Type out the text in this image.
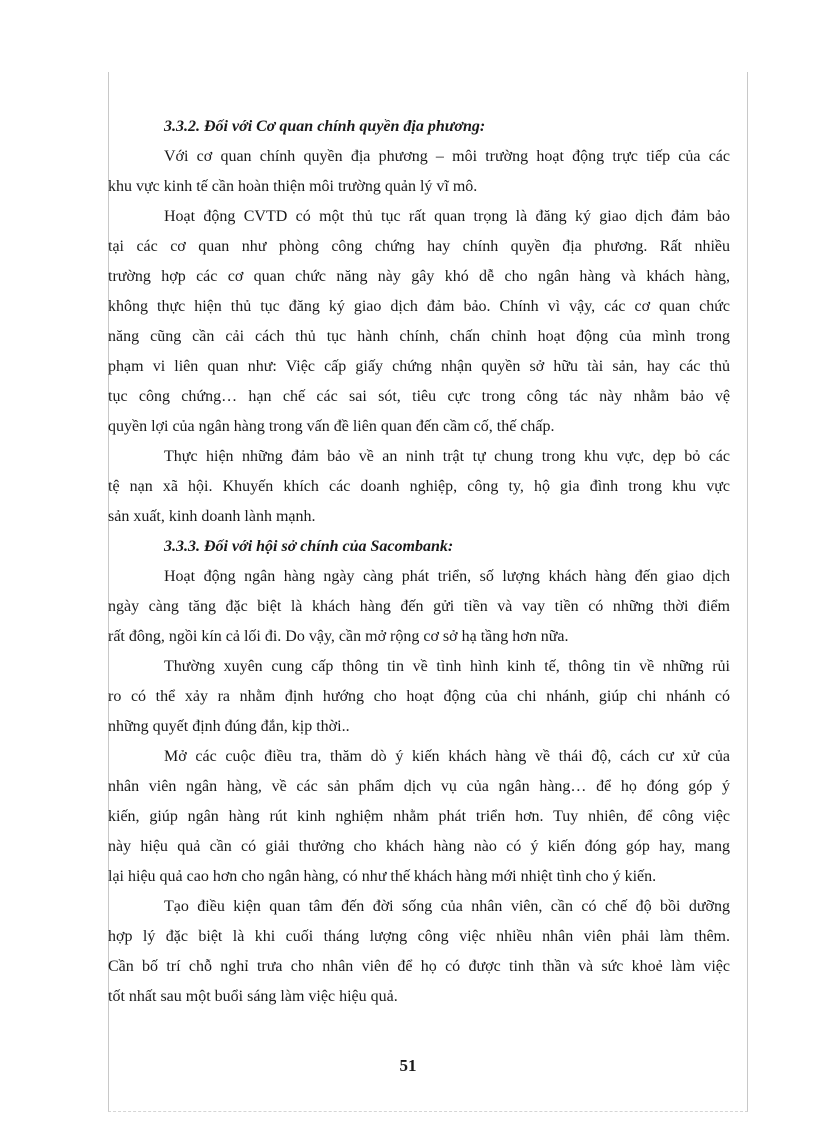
3.3.2. Đối với Cơ quan chính quyền địa phương:
Với cơ quan chính quyền địa phương – môi trường hoạt động trực tiếp của các
khu vực kinh tế cần hoàn thiện môi trường quản lý vĩ mô.
Hoạt động CVTD có một thủ tục rất quan trọng là đăng ký giao dịch đảm bảo
tại các cơ quan như phòng công chứng hay chính quyền địa phương. Rất nhiều
trường hợp các cơ quan chức năng này gây khó dễ cho ngân hàng và khách hàng,
không thực hiện thủ tục đăng ký giao dịch đảm bảo. Chính vì vậy, các cơ quan chức
năng cũng cần cải cách thủ tục hành chính, chấn chỉnh hoạt động của mình trong
phạm vi liên quan như: Việc cấp giấy chứng nhận quyền sở hữu tài sản, hay các thủ
tục công chứng… hạn chế các sai sót, tiêu cực trong công tác này nhằm bảo vệ
quyền lợi của ngân hàng trong vấn đề liên quan đến cầm cố, thế chấp.
Thực hiện những đảm bảo về an ninh trật tự chung trong khu vực, dẹp bỏ các
tệ nạn xã hội. Khuyến khích các doanh nghiệp, công ty, hộ gia đình trong khu vực
sản xuất, kinh doanh lành mạnh.
3.3.3. Đối với hội sở chính của Sacombank:
Hoạt động ngân hàng ngày càng phát triển, số lượng khách hàng đến giao dịch
ngày càng tăng đặc biệt là khách hàng đến gửi tiền và vay tiền có những thời điểm
rất đông, ngồi kín cả lối đi. Do vậy, cần mở rộng cơ sở hạ tầng hơn nữa.
Thường xuyên cung cấp thông tin về tình hình kinh tế, thông tin về những rủi
ro có thể xảy ra nhằm định hướng cho hoạt động của chi nhánh, giúp chi nhánh có
những quyết định đúng đắn, kịp thời..
Mở các cuộc điều tra, thăm dò ý kiến khách hàng về thái độ, cách cư xử của
nhân viên ngân hàng, về các sản phẩm dịch vụ của ngân hàng… để họ đóng góp ý
kiến, giúp ngân hàng rút kinh nghiệm nhằm phát triển hơn. Tuy nhiên, để công việc
này hiệu quả cần có giải thưởng cho khách hàng nào có ý kiến đóng góp hay, mang
lại hiệu quả cao hơn cho ngân hàng, có như thế khách hàng mới nhiệt tình cho ý kiến.
Tạo điều kiện quan tâm đến đời sống của nhân viên, cần có chế độ bồi dưỡng
hợp lý đặc biệt là khi cuối tháng lượng công việc nhiều nhân viên phải làm thêm.
Cần bố trí chỗ nghỉ trưa cho nhân viên để họ có được tinh thần và sức khoẻ làm việc
tốt nhất sau một buổi sáng làm việc hiệu quả.
51
